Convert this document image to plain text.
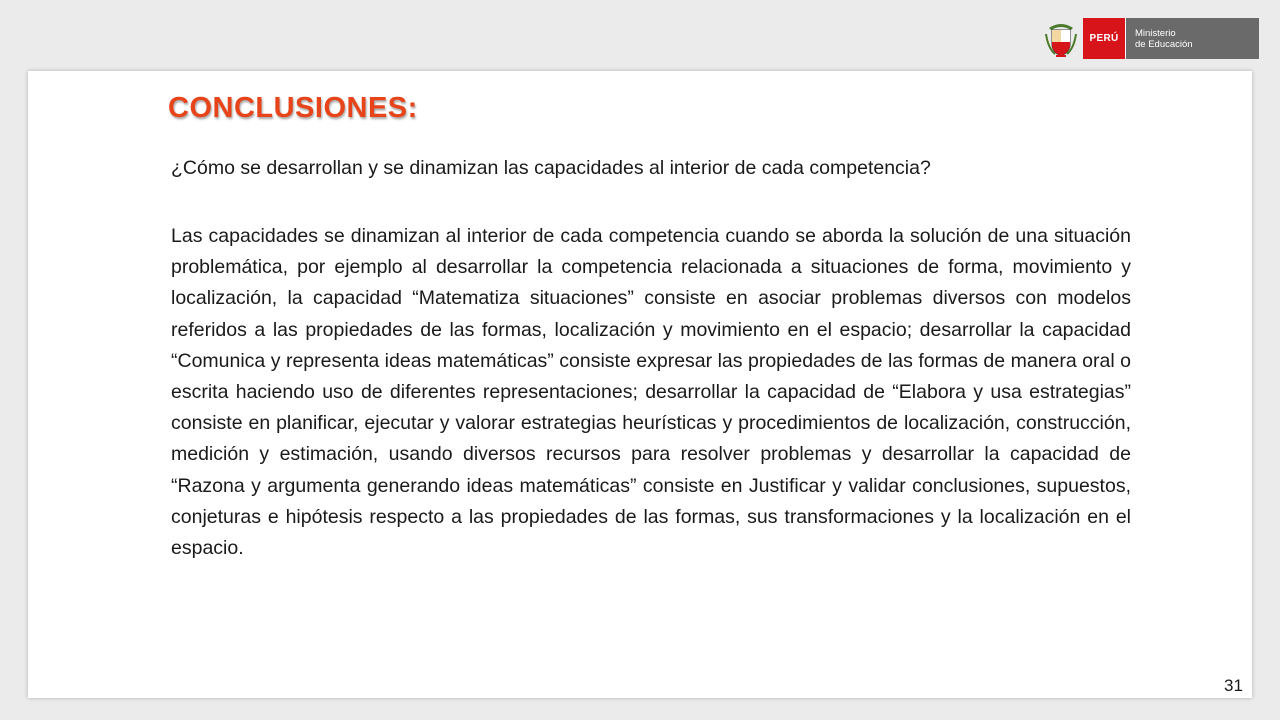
PERÚ	Ministerio
de Educación
CONCLUSIONES:

¿Cómo se desarrollan y se dinamizan las capacidades al interior de cada competencia?

Las capacidades se dinamizan al interior de cada competencia cuando se aborda la solución de una situación problemática, por ejemplo al desarrollar la competencia relacionada a situaciones de forma, movimiento y localización, la capacidad “Matematiza situaciones” consiste en asociar problemas diversos con modelos referidos a las propiedades de las formas, localización y movimiento en el espacio; desarrollar la capacidad “Comunica y representa ideas matemáticas” consiste expresar las propiedades de las formas de manera oral o escrita haciendo uso de diferentes representaciones; desarrollar la capacidad de “Elabora y usa estrategias” consiste en planificar, ejecutar y valorar estrategias heurísticas y procedimientos de localización, construcción, medición y estimación, usando diversos recursos para resolver problemas y desarrollar la capacidad de “Razona y argumenta generando ideas matemáticas” consiste en Justificar y validar conclusiones, supuestos, conjeturas e hipótesis respecto a las propiedades de las formas, sus transformaciones y la localización en el espacio.

31
